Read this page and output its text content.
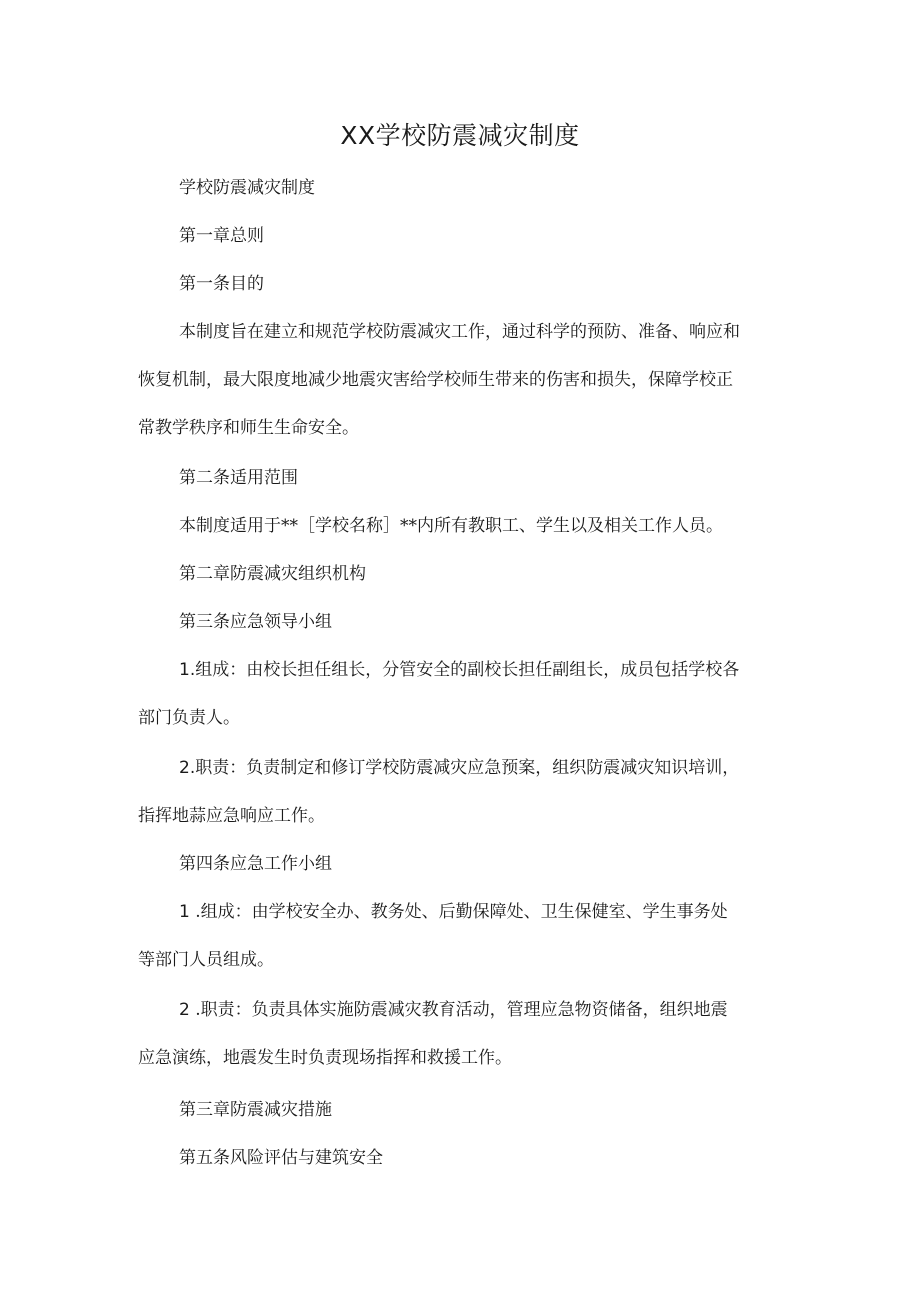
XX学校防震减灾制度

学校防震减灾制度

第一章总则

第一条目的

本制度旨在建立和规范学校防震减灾工作，通过科学的预防、准备、响应和
恢复机制，最大限度地减少地震灾害给学校师生带来的伤害和损失，保障学校正
常教学秩序和师生生命安全。

第二条适用范围

本制度适用于**［学校名称］**内所有教职工、学生以及相关工作人员。

第二章防震减灾组织机构

第三条应急领导小组

1.组成：由校长担任组长，分管安全的副校长担任副组长，成员包括学校各
部门负责人。
2.职责：负责制定和修订学校防震减灾应急预案，组织防震减灾知识培训，
指挥地蒜应急响应工作。

第四条应急工作小组

1 .组成：由学校安全办、教务处、后勤保障处、卫生保健室、学生事务处
等部门人员组成。
2 .职责：负责具体实施防震减灾教育活动，管理应急物资储备，组织地震
应急演练，地震发生时负责现场指挥和救援工作。

第三章防震减灾措施

第五条风险评估与建筑安全
